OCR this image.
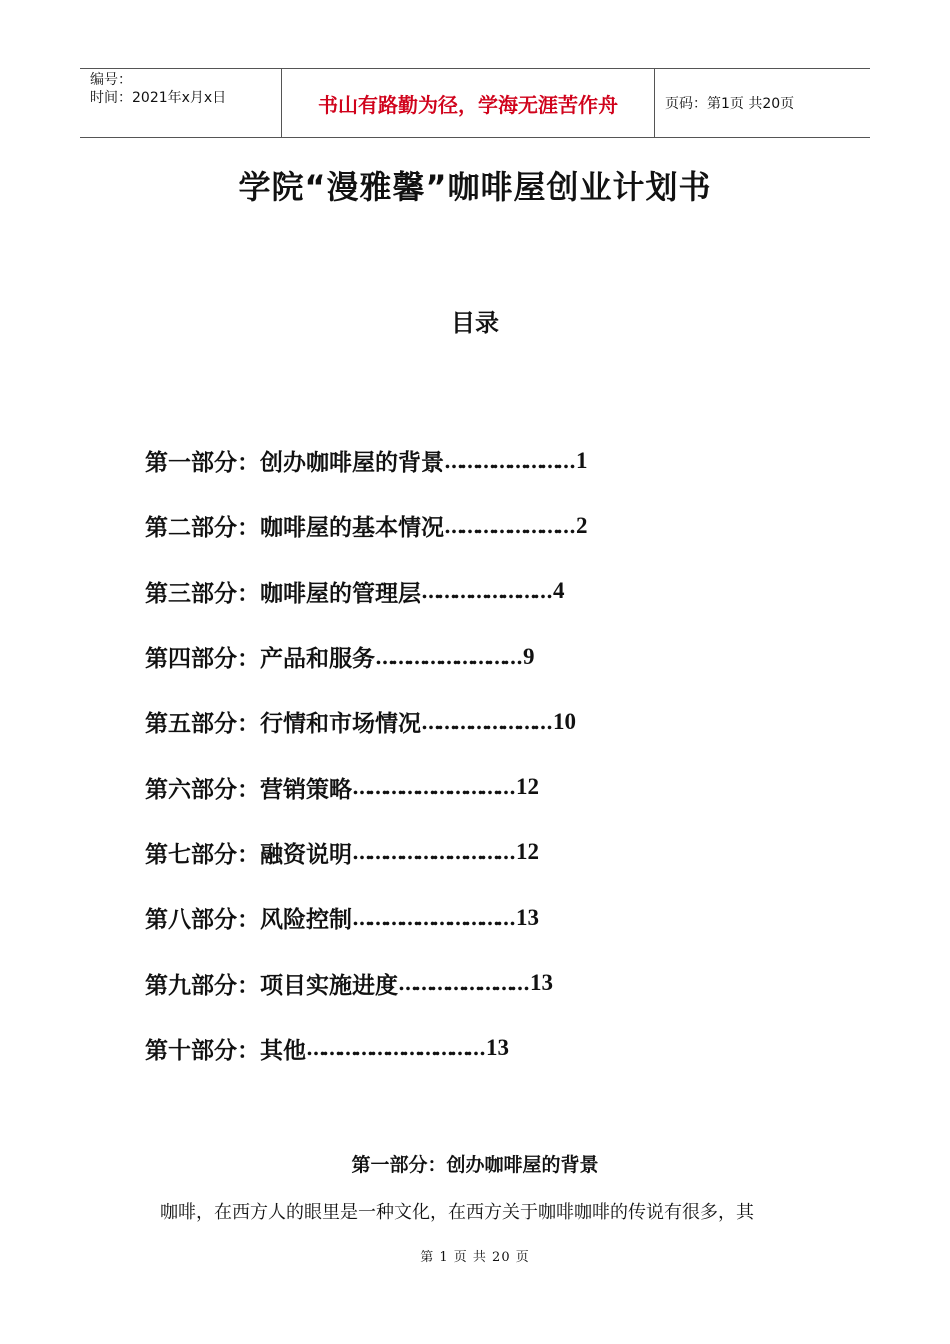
编号：
时间：2021年x月x日	书山有路勤为径，学海无涯苦作舟	页码：第1页 共20页
学院“漫雅馨”咖啡屋创业计划书
目录
第一部分：创办咖啡屋的背景 …………………… 1
第二部分：咖啡屋的基本情况 …………………… 2
第三部分：咖啡屋的管理层 …………………… 4
第四部分：产品和服务 ……………………… 9
第五部分：行情和市场情况 …………………… 10
第六部分：营销策略 ………………………… 12
第七部分：融资说明 ………………………… 12
第八部分：风险控制 ………………………… 13
第九部分：项目实施进度 …………………… 13
第十部分：其他 …………………………… 13
第一部分：创办咖啡屋的背景
咖啡，在西方人的眼里是一种文化，在西方关于咖啡咖啡的传说有很多，其
第 1 页 共 20 页
